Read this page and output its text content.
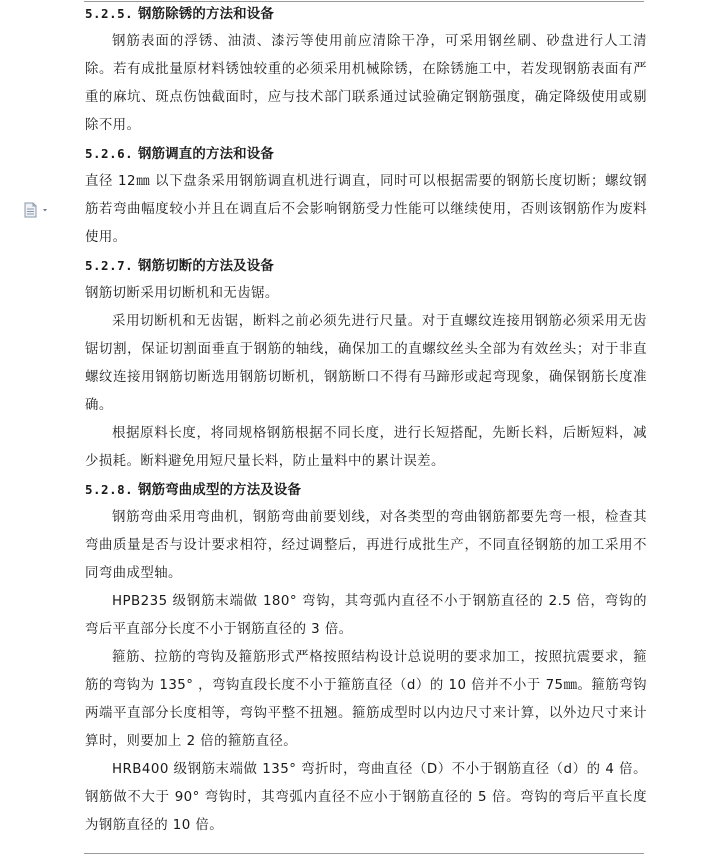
5.2.5. 钢筋除锈的方法和设备
钢筋表面的浮锈、油渍、漆污等使用前应清除干净，可采用钢丝刷、砂盘进行人工清除。若有成批量原材料锈蚀较重的必须采用机械除锈，在除锈施工中，若发现钢筋表面有严重的麻坑、斑点伤蚀截面时，应与技术部门联系通过试验确定钢筋强度，确定降级使用或剔除不用。
5.2.6. 钢筋调直的方法和设备
直径 12㎜ 以下盘条采用钢筋调直机进行调直，同时可以根据需要的钢筋长度切断；螺纹钢筋若弯曲幅度较小并且在调直后不会影响钢筋受力性能可以继续使用，否则该钢筋作为废料使用。
5.2.7. 钢筋切断的方法及设备
钢筋切断采用切断机和无齿锯。
采用切断机和无齿锯，断料之前必须先进行尺量。对于直螺纹连接用钢筋必须采用无齿锯切割，保证切割面垂直于钢筋的轴线，确保加工的直螺纹丝头全部为有效丝头；对于非直螺纹连接用钢筋切断选用钢筋切断机，钢筋断口不得有马蹄形或起弯现象，确保钢筋长度准确。
根据原料长度，将同规格钢筋根据不同长度，进行长短搭配，先断长料，后断短料，减少损耗。断料避免用短尺量长料，防止量料中的累计误差。
5.2.8. 钢筋弯曲成型的方法及设备
钢筋弯曲采用弯曲机，钢筋弯曲前要划线，对各类型的弯曲钢筋都要先弯一根，检查其弯曲质量是否与设计要求相符，经过调整后，再进行成批生产，不同直径钢筋的加工采用不同弯曲成型轴。
HPB235 级钢筋末端做 180° 弯钩，其弯弧内直径不小于钢筋直径的 2.5 倍，弯钩的弯后平直部分长度不小于钢筋直径的 3 倍。
箍筋、拉筋的弯钩及箍筋形式严格按照结构设计总说明的要求加工，按照抗震要求，箍筋的弯钩为 135° ，弯钩直段长度不小于箍筋直径（d）的 10 倍并不小于 75㎜。箍筋弯钩两端平直部分长度相等，弯钩平整不扭翘。箍筋成型时以内边尺寸来计算，以外边尺寸来计算时，则要加上 2 倍的箍筋直径。
HRB400 级钢筋末端做 135° 弯折时，弯曲直径（D）不小于钢筋直径（d）的 4 倍。钢筋做不大于 90° 弯钩时，其弯弧内直径不应小于钢筋直径的 5 倍。弯钩的弯后平直长度为钢筋直径的 10 倍。
